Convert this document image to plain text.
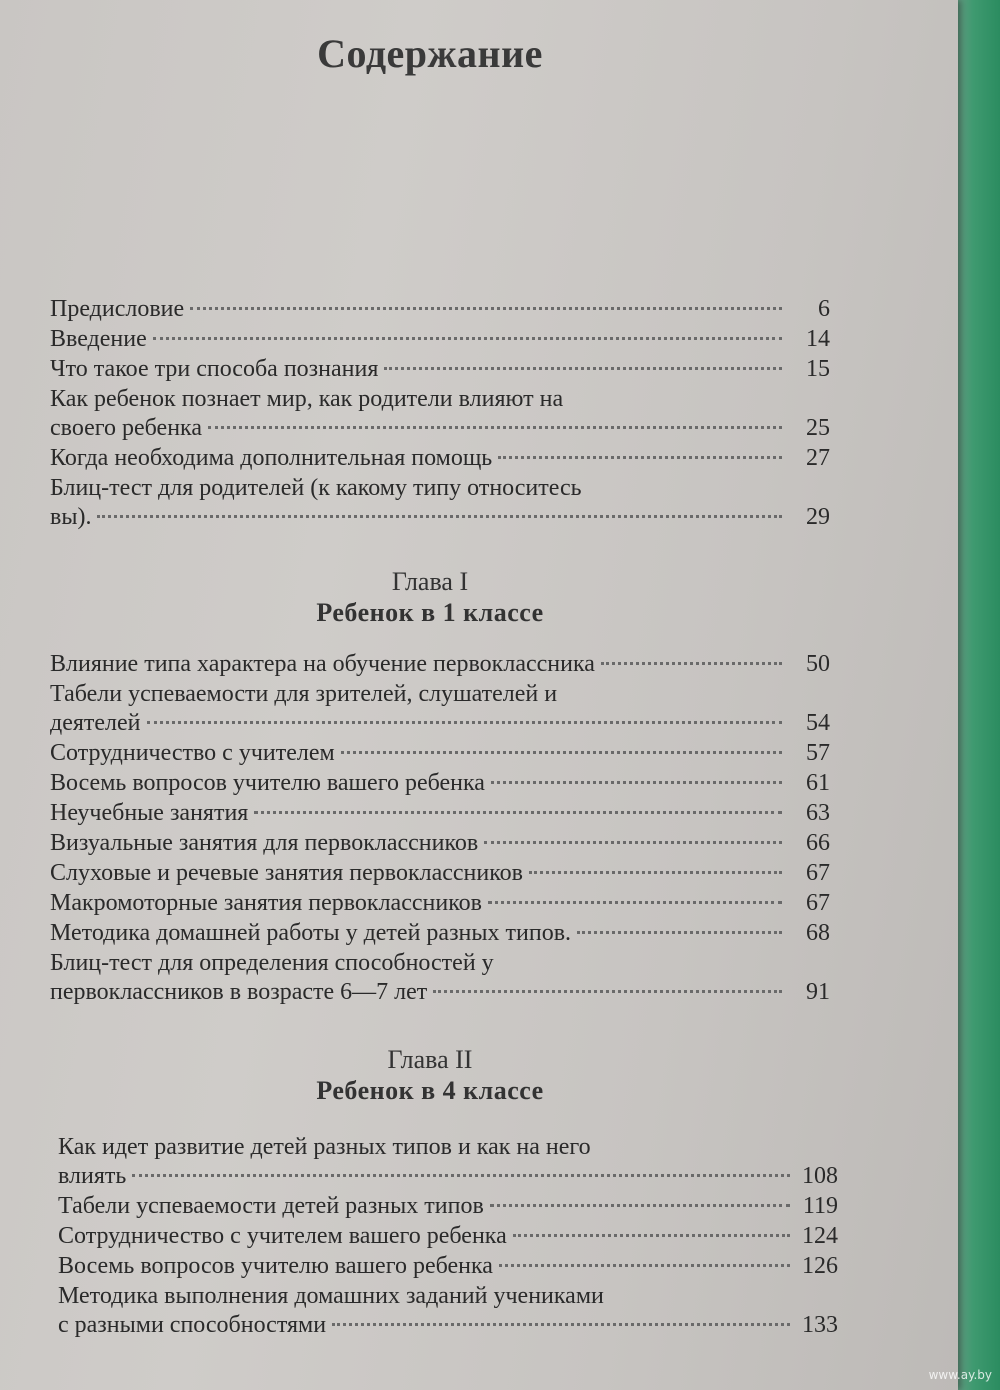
Содержание
Предисловие	6
Введение	14
Что такое три способа познания	15
Как ребенок познает мир, как родители влияют на
своего ребенка	25
Когда необходима дополнительная помощь	27
Блиц-тест для родителей (к какому типу относитесь
вы).	29
Глава I
Ребенок в 1 классе
Влияние типа характера на обучение первоклассника	50
Табели успеваемости для зрителей, слушателей и
деятелей	54
Сотрудничество с учителем	57
Восемь вопросов учителю вашего ребенка	61
Неучебные занятия	63
Визуальные занятия для первоклассников	66
Слуховые и речевые занятия первоклассников	67
Макромоторные занятия первоклассников	67
Методика домашней работы у детей разных типов.	68
Блиц-тест для определения способностей у
первоклассников в возрасте 6—7 лет	91
Глава II
Ребенок в 4 классе
Как идет развитие детей разных типов и как на него
влиять	108
Табели успеваемости детей разных типов	119
Сотрудничество с учителем вашего ребенка	124
Восемь вопросов учителю вашего ребенка	126
Методика выполнения домашних заданий учениками
с разными способностями	133
www.ay.by
